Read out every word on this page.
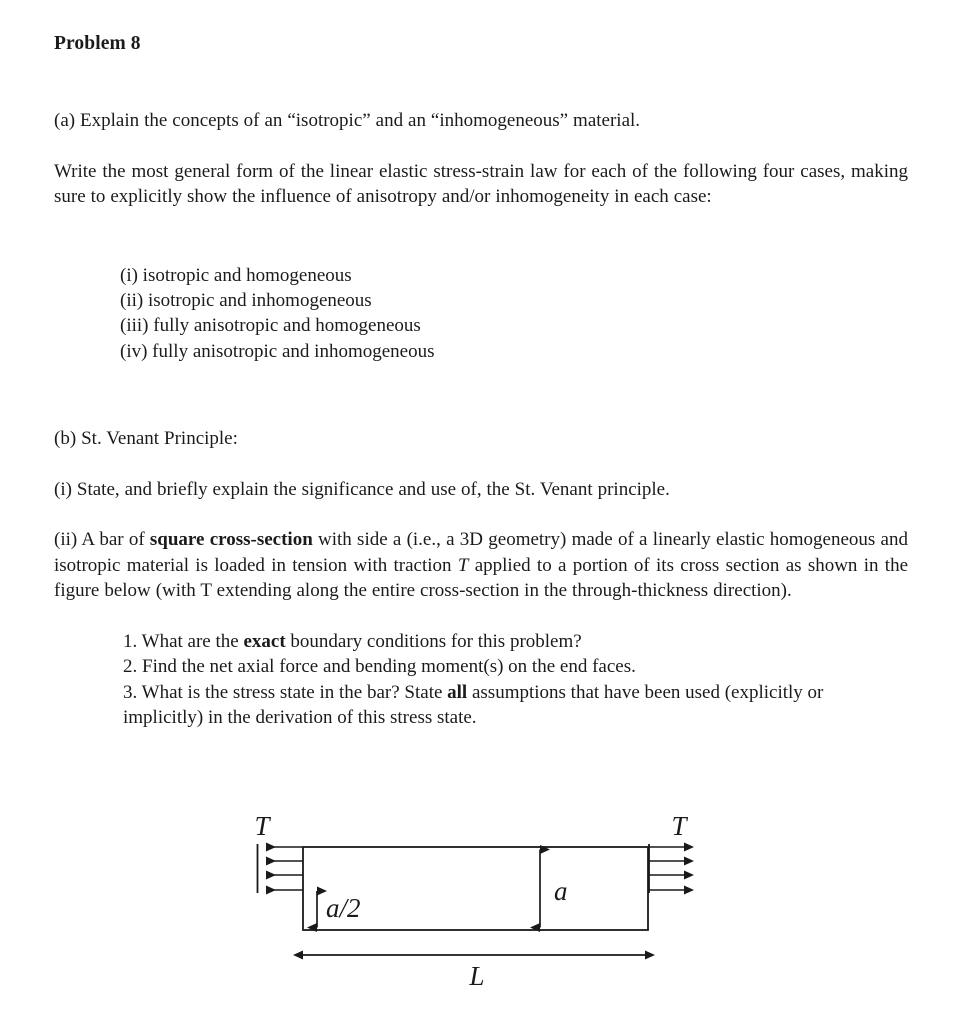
Problem 8

(a) Explain the concepts of an “isotropic” and an “inhomogeneous” material.

Write the most general form of the linear elastic stress-strain law for each of the following four cases, making sure to explicitly show the influence of anisotropy and/or inhomogeneity in each case:

(i) isotropic and homogeneous
(ii) isotropic and inhomogeneous
(iii) fully anisotropic and homogeneous
(iv) fully anisotropic and inhomogeneous

(b) St. Venant Principle:

(i) State, and briefly explain the significance and use of, the St. Venant principle.

(ii) A bar of square cross-section with side a (i.e., a 3D geometry) made of a linearly elastic homogeneous and isotropic material is loaded in tension with traction T applied to a portion of its cross section as shown in the figure below (with T extending along the entire cross-section in the through-thickness direction).

1. What are the exact boundary conditions for this problem?
2. Find the net axial force and bending moment(s) on the end faces.
3. What is the stress state in the bar? State all assumptions that have been used (explicitly or implicitly) in the derivation of this stress state.
T	T
a
a/2
L
